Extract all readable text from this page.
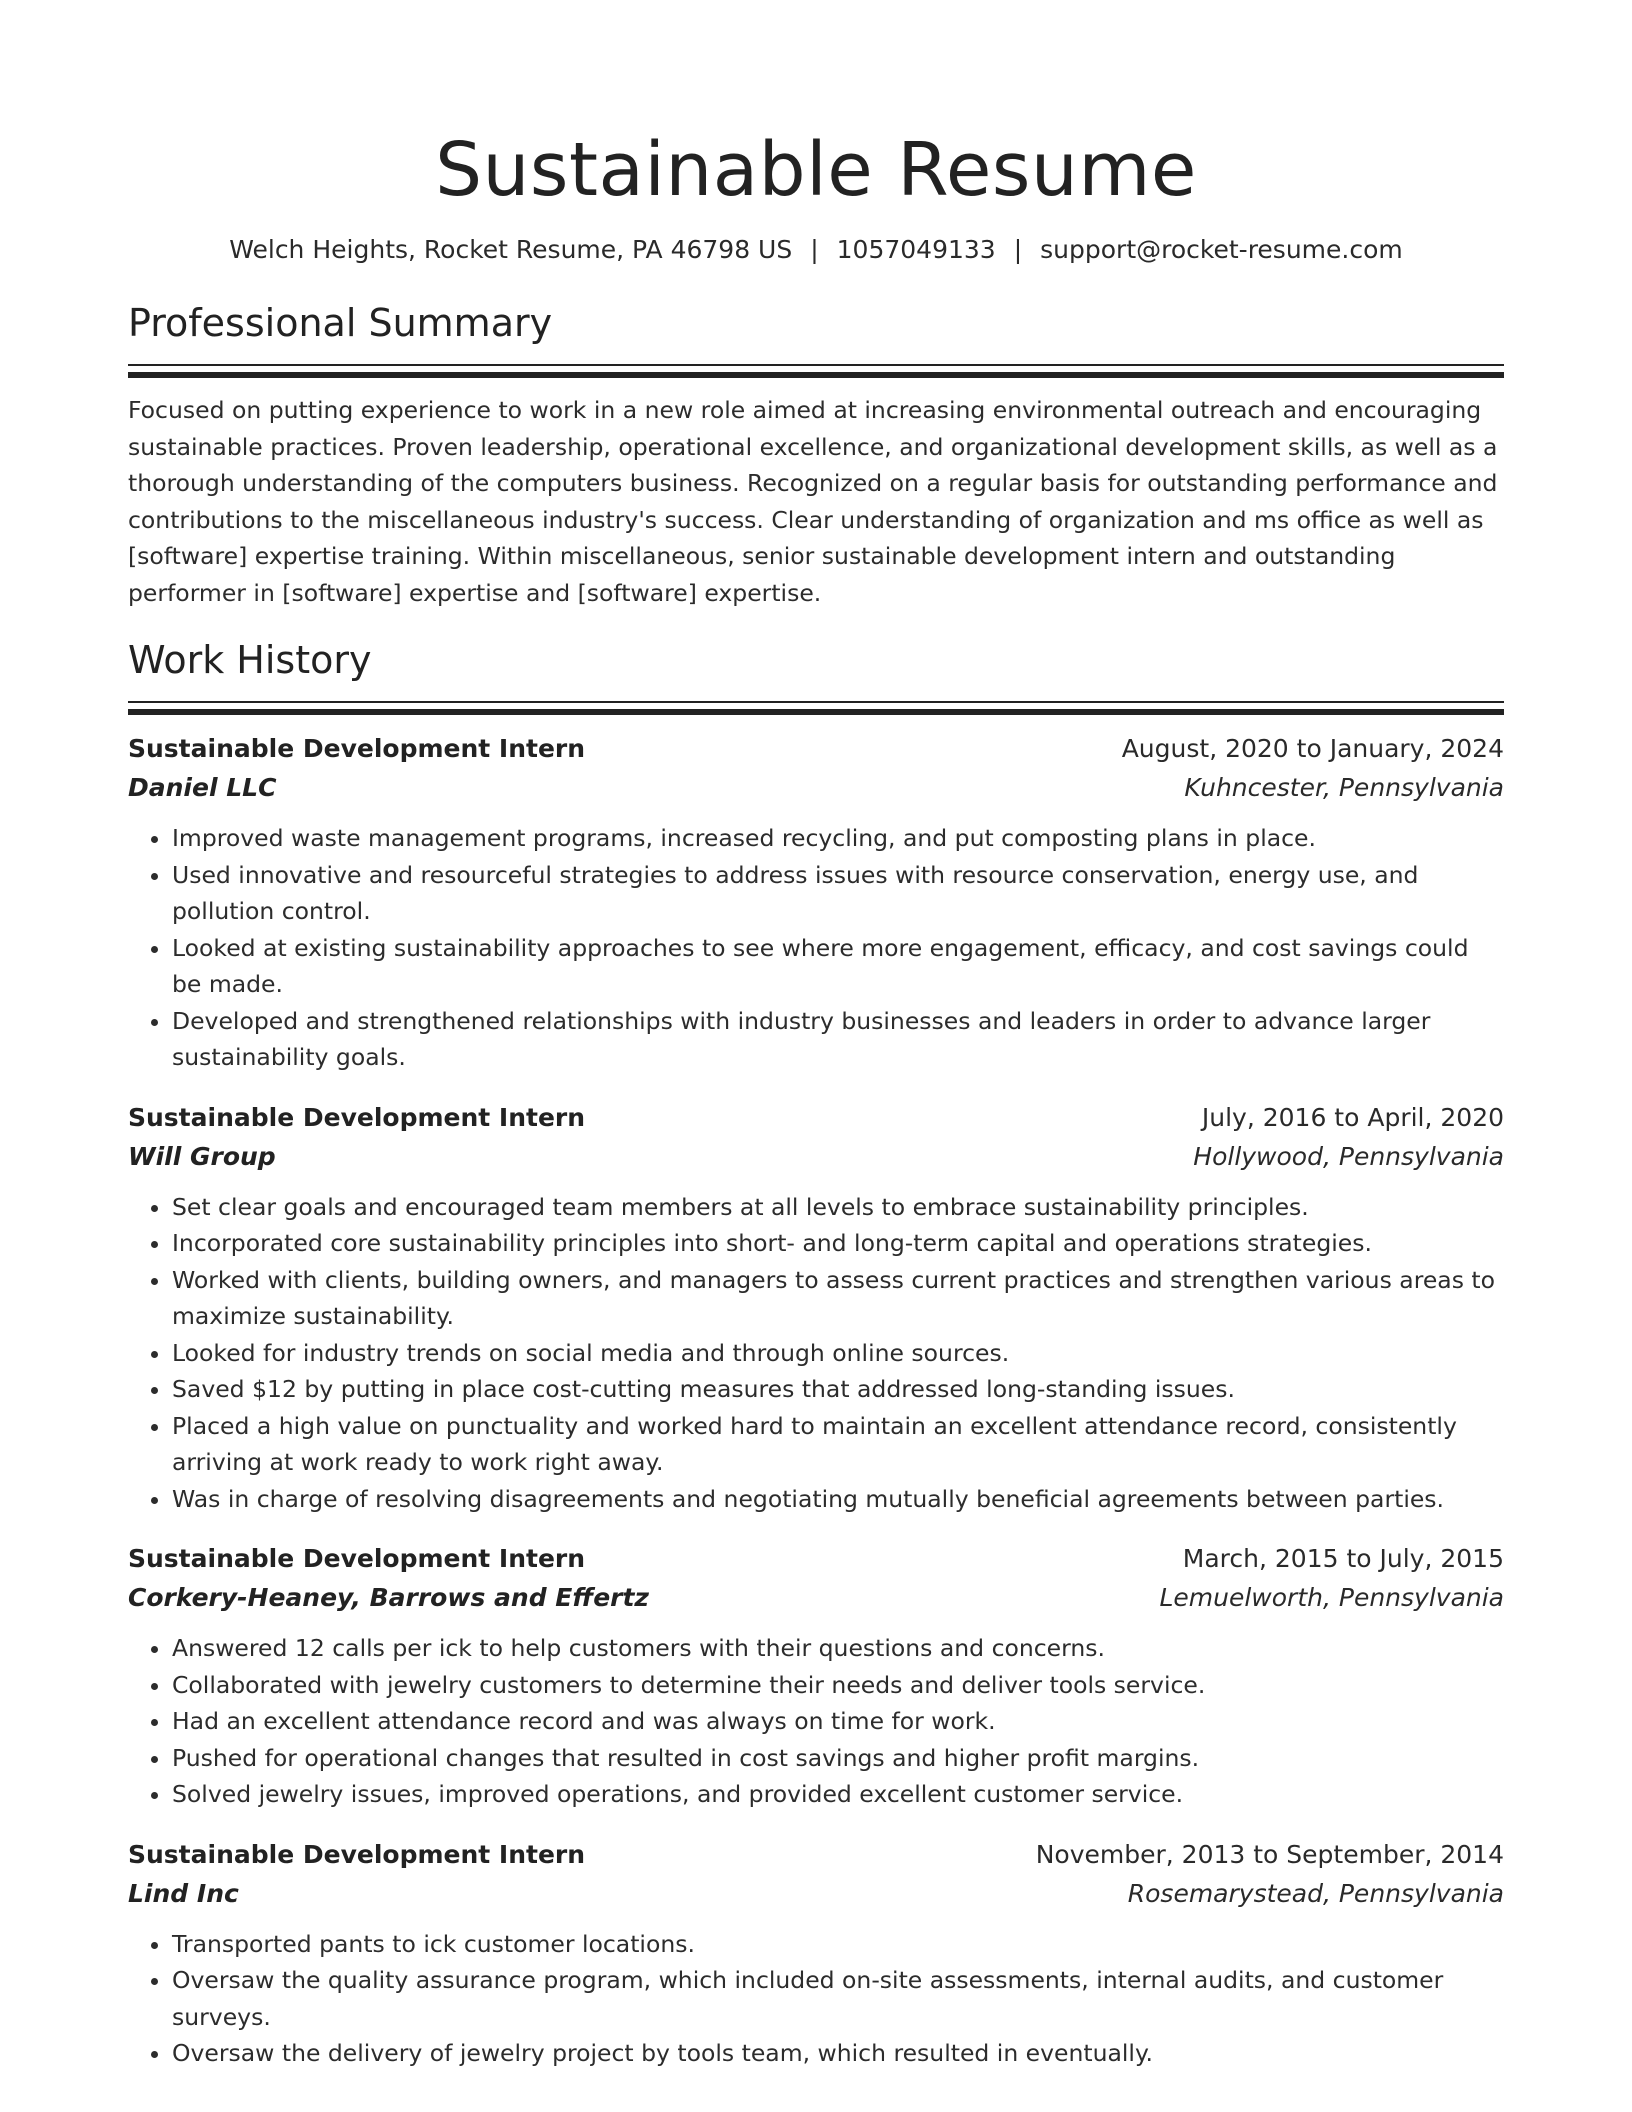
Sustainable Resume
Welch Heights, Rocket Resume, PA 46798 US | 1057049133 | support@rocket-resume.com
Professional Summary

Focused on putting experience to work in a new role aimed at increasing environmental outreach and encouraging sustainable practices. Proven leadership, operational excellence, and organizational development skills, as well as a thorough understanding of the computers business. Recognized on a regular basis for outstanding performance and contributions to the miscellaneous industry's success. Clear understanding of organization and ms office as well as [software] expertise training. Within miscellaneous, senior sustainable development intern and outstanding performer in [software] expertise and [software] expertise.

Work History
Sustainable Development Intern	August, 2020 to January, 2024
Daniel LLC	Kuhncester, Pennsylvania
• Improved waste management programs, increased recycling, and put composting plans in place.
• Used innovative and resourceful strategies to address issues with resource conservation, energy use, and pollution control.
• Looked at existing sustainability approaches to see where more engagement, efficacy, and cost savings could be made.
• Developed and strengthened relationships with industry businesses and leaders in order to advance larger sustainability goals.
Sustainable Development Intern	July, 2016 to April, 2020
Will Group	Hollywood, Pennsylvania
• Set clear goals and encouraged team members at all levels to embrace sustainability principles.
• Incorporated core sustainability principles into short- and long-term capital and operations strategies.
• Worked with clients, building owners, and managers to assess current practices and strengthen various areas to maximize sustainability.
• Looked for industry trends on social media and through online sources.
• Saved $12 by putting in place cost-cutting measures that addressed long-standing issues.
• Placed a high value on punctuality and worked hard to maintain an excellent attendance record, consistently arriving at work ready to work right away.
• Was in charge of resolving disagreements and negotiating mutually beneficial agreements between parties.
Sustainable Development Intern	March, 2015 to July, 2015
Corkery-Heaney, Barrows and Effertz	Lemuelworth, Pennsylvania
• Answered 12 calls per ick to help customers with their questions and concerns.
• Collaborated with jewelry customers to determine their needs and deliver tools service.
• Had an excellent attendance record and was always on time for work.
• Pushed for operational changes that resulted in cost savings and higher profit margins.
• Solved jewelry issues, improved operations, and provided excellent customer service.
Sustainable Development Intern	November, 2013 to September, 2014
Lind Inc	Rosemarystead, Pennsylvania
• Transported pants to ick customer locations.
• Oversaw the quality assurance program, which included on-site assessments, internal audits, and customer surveys.
• Oversaw the delivery of jewelry project by tools team, which resulted in eventually.
